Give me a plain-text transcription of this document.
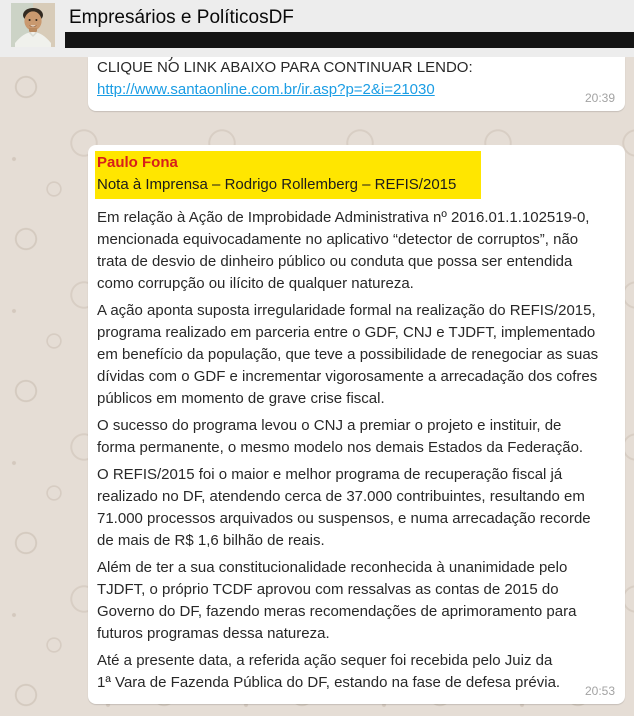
Empresários e PolíticosDF

CLIQUE NO LINK ABAIXO PARA CONTINUAR LENDO:

http://www.santaonline.com.br/ir.asp?p=2&i=21030	20:39

Paulo Fona

Nota à Imprensa – Rodrigo Rollemberg – REFIS/2015

Em relação à Ação de Improbidade Administrativa nº 2016.01.1.102519-0, mencionada equivocadamente no aplicativo “detector de corruptos”, não trata de desvio de dinheiro público ou conduta que possa ser entendida como corrupção ou ilícito de qualquer natureza.

A ação aponta suposta irregularidade formal na realização do REFIS/2015, programa realizado em parceria entre o GDF, CNJ e TJDFT, implementado em benefício da população, que teve a possibilidade de renegociar as suas dívidas com o GDF e incrementar vigorosamente a arrecadação dos cofres públicos em momento de grave crise fiscal.

O sucesso do programa levou o CNJ a premiar o projeto e instituir, de forma permanente, o mesmo modelo nos demais Estados da Federação.

O REFIS/2015 foi o maior e melhor programa de recuperação fiscal já realizado no DF, atendendo cerca de 37.000 contribuintes, resultando em 71.000 processos arquivados ou suspensos, e numa arrecadação recorde de mais de R$ 1,6 bilhão de reais.

Além de ter a sua constitucionalidade reconhecida à unanimidade pelo TJDFT, o próprio TCDF aprovou com ressalvas as contas de 2015 do Governo do DF, fazendo meras recomendações de aprimoramento para futuros programas dessa natureza.

Até a presente data, a referida ação sequer foi recebida pelo Juiz da 1ª Vara de Fazenda Pública do DF, estando na fase de defesa prévia.	20:53
